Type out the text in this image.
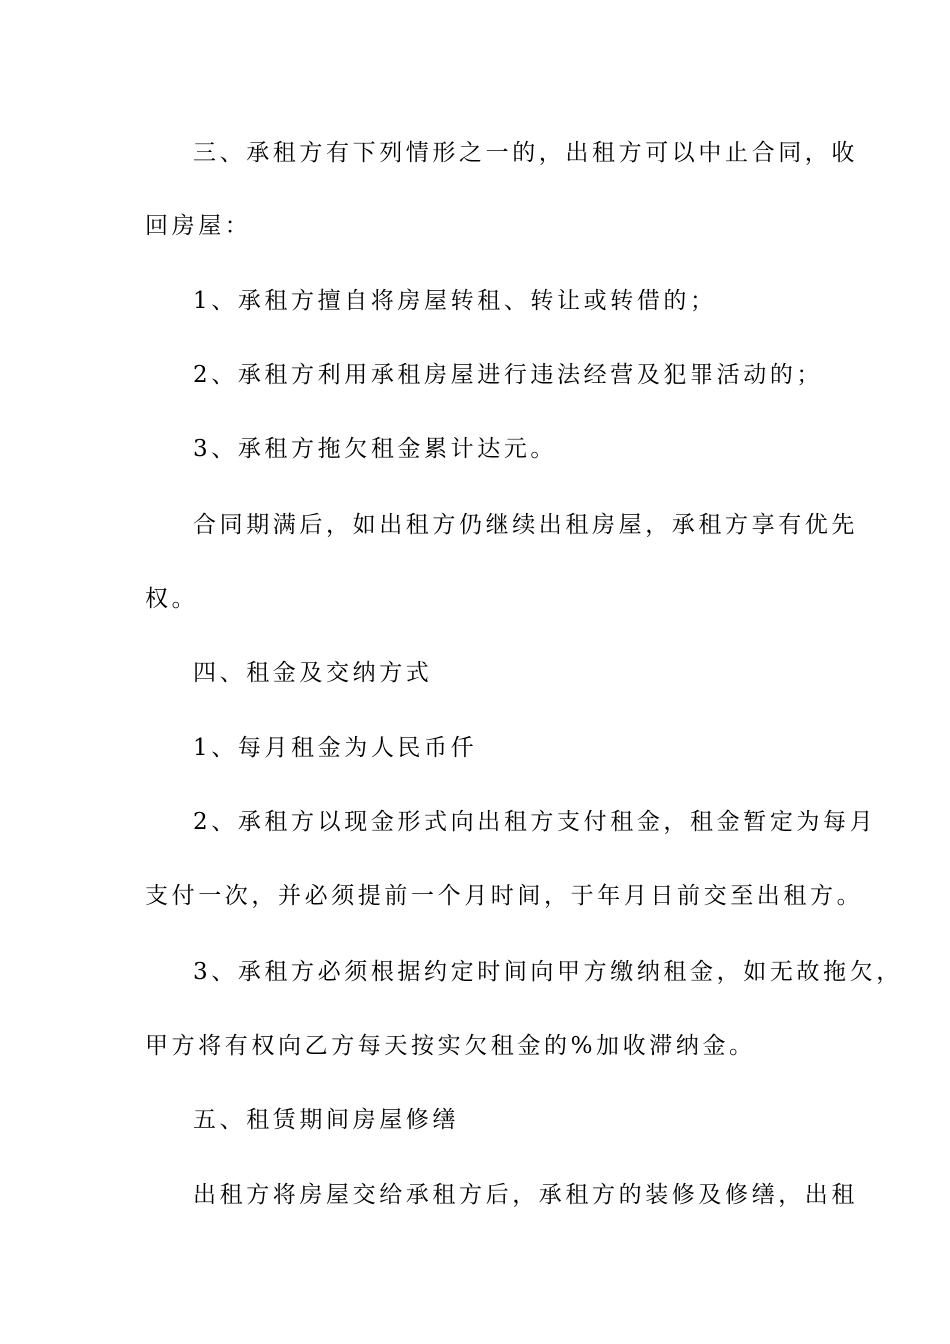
三、承租方有下列情形之一的，出租方可以中止合同，收

回房屋：

1、承租方擅自将房屋转租、转让或转借的；

2、承租方利用承租房屋进行违法经营及犯罪活动的；

3、承租方拖欠租金累计达元。

合同期满后，如出租方仍继续出租房屋，承租方享有优先

权。

四、租金及交纳方式

1、每月租金为人民币仟

2、承租方以现金形式向出租方支付租金，租金暂定为每月

支付一次，并必须提前一个月时间，于年月日前交至出租方。

3、承租方必须根据约定时间向甲方缴纳租金，如无故拖欠，

甲方将有权向乙方每天按实欠租金的%加收滞纳金。

五、租赁期间房屋修缮

出租方将房屋交给承租方后，承租方的装修及修缮，出租
